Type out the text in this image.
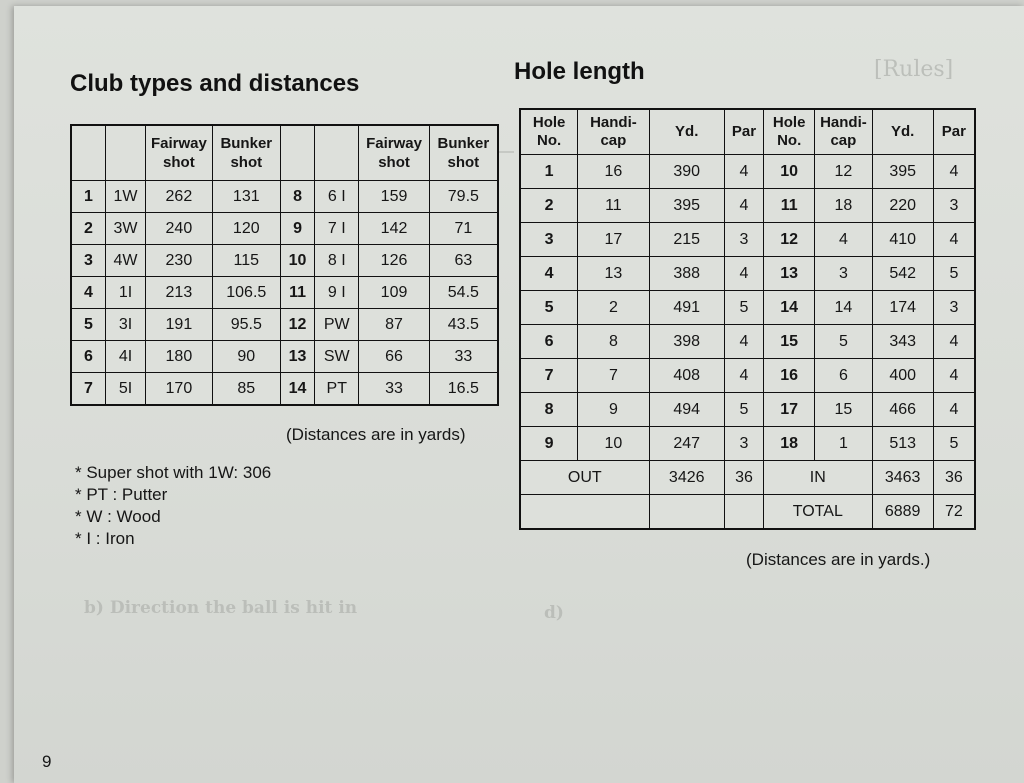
[Rules]
b) Direction the ball is hit in	d)
Club types and distances
		Fairway shot	Bunker shot			Fairway shot	Bunker shot
1	1W	262	131	8	6 I	159	79.5
2	3W	240	120	9	7 I	142	71
3	4W	230	115	10	8 I	126	63
4	1I	213	106.5	11	9 I	109	54.5
5	3I	191	95.5	12	PW	87	43.5
6	4I	180	90	13	SW	66	33
7	5I	170	85	14	PT	33	16.5
(Distances are in yards)
* Super shot with 1W: 306
* PT : Putter
* W : Wood
* I : Iron
Hole length
Hole No.	Handi-cap	Yd.	Par	Hole No.	Handi-cap	Yd.	Par
1	16	390	4	10	12	395	4
2	11	395	4	11	18	220	3
3	17	215	3	12	4	410	4
4	13	388	4	13	3	542	5
5	2	491	5	14	14	174	3
6	8	398	4	15	5	343	4
7	7	408	4	16	6	400	4
8	9	494	5	17	15	466	4
9	10	247	3	18	1	513	5
OUT		3426	36	IN		3463	36
				TOTAL		6889	72
(Distances are in yards.)
9
